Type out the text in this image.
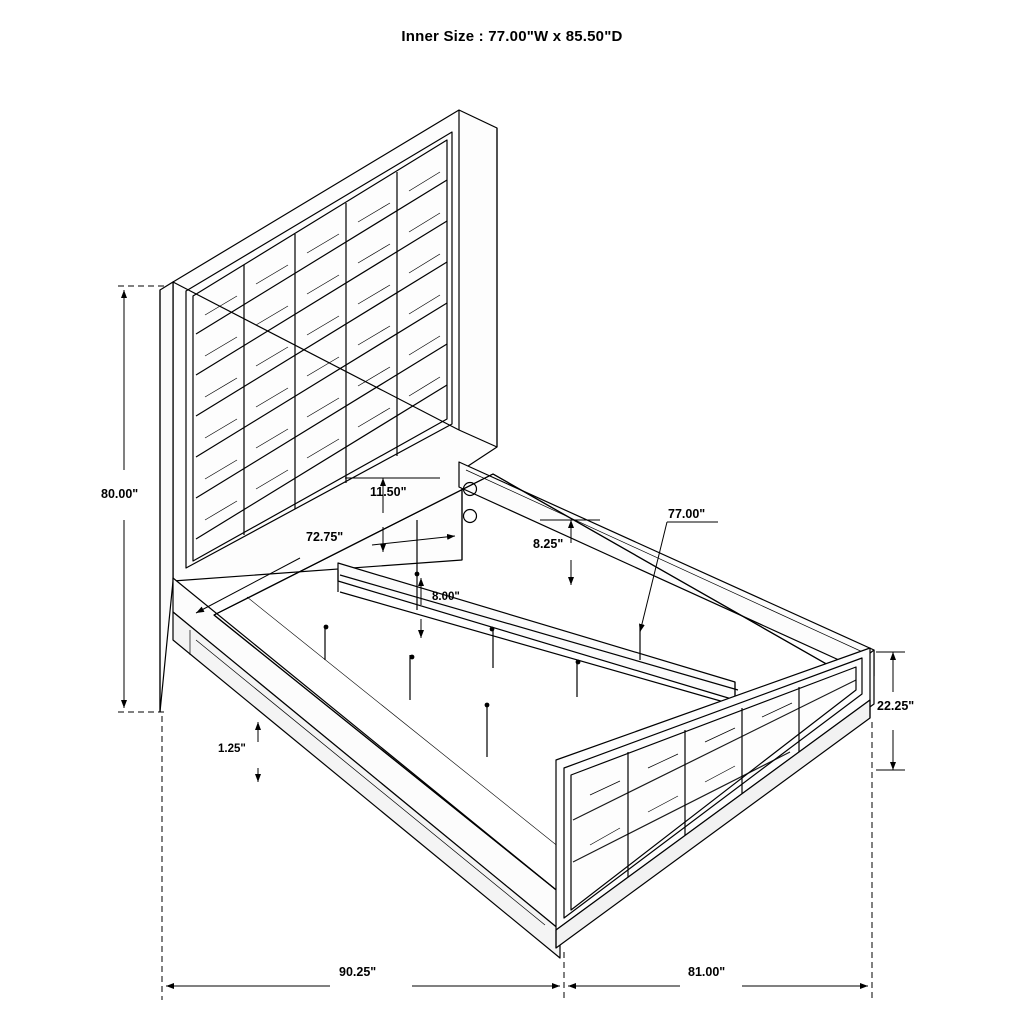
Inner Size : 77.00"W x 85.50"D
80.00"
72.75"
11.50"
8.00"
8.25"
77.00"
22.25"
1.25"
90.25"	81.00"
